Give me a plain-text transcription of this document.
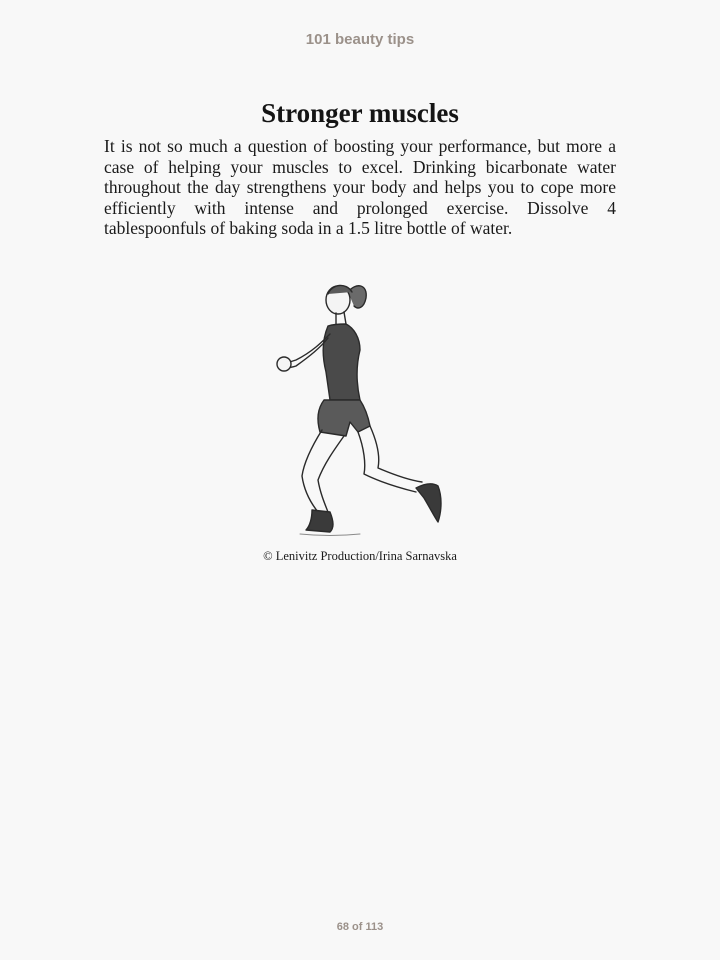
101 beauty tips
Stronger muscles

It is not so much a question of boosting your performance, but more a case of helping your muscles to excel. Drinking bicarbonate water throughout the day strengthens your body and helps you to cope more efficiently with intense and prolonged exercise. Dissolve 4 tablespoonfuls of baking soda in a 1.5 litre bottle of water.

© Lenivitz Production/Irina Sarnavska
68 of 113
